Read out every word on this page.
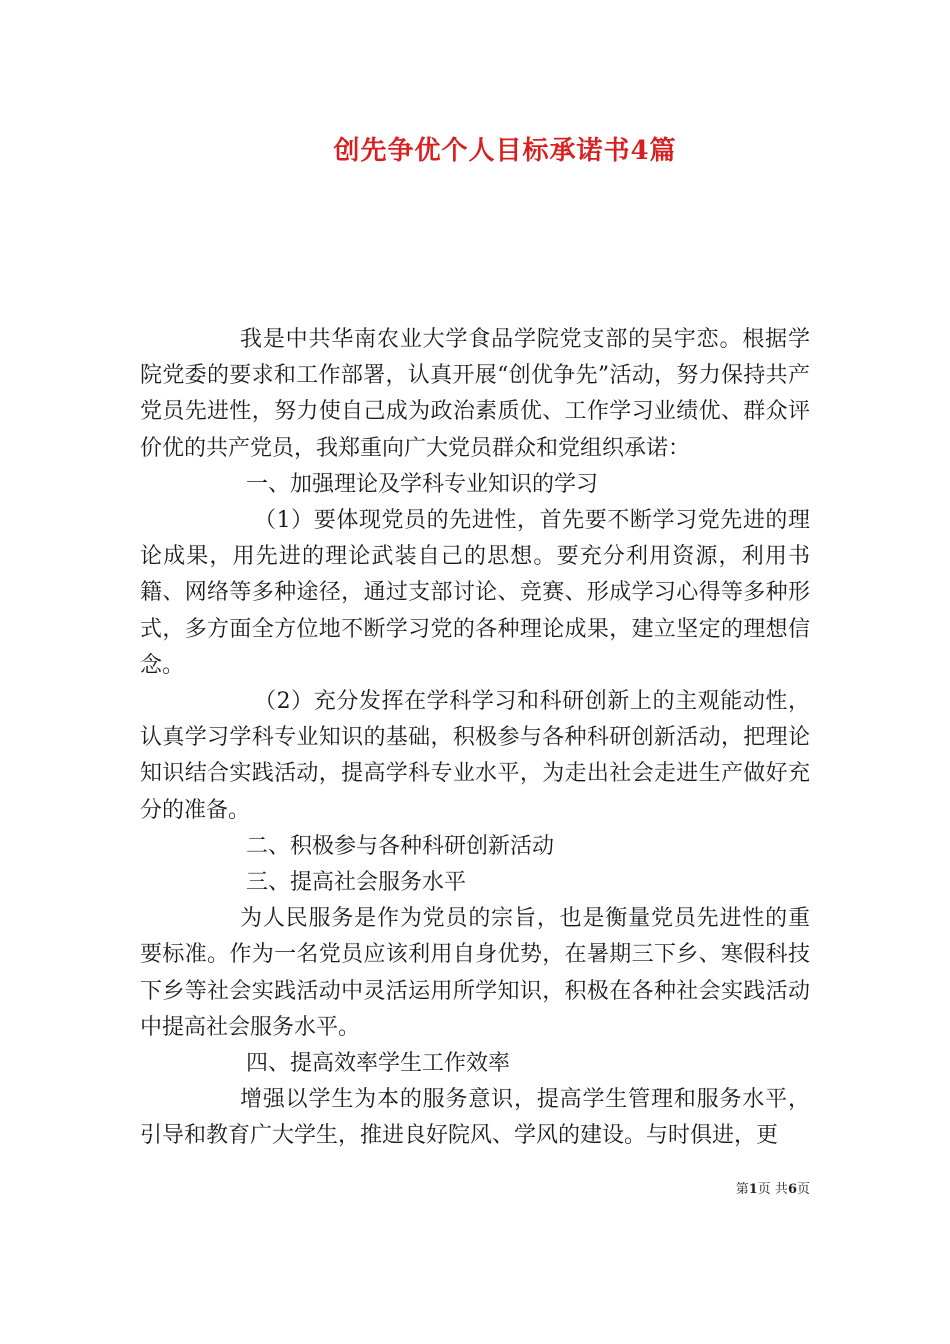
创先争优个人目标承诺书4篇

我是中共华南农业大学食品学院党支部的吴宇恋。根据学院党委的要求和工作部署，认真开展“创优争先”活动，努力保持共产党员先进性，努力使自己成为政治素质优、工作学习业绩优、群众评价优的共产党员，我郑重向广大党员群众和党组织承诺：

一、加强理论及学科专业知识的学习

（1）要体现党员的先进性，首先要不断学习党先进的理论成果，用先进的理论武装自己的思想。要充分利用资源，利用书籍、网络等多种途径，通过支部讨论、竞赛、形成学习心得等多种形式，多方面全方位地不断学习党的各种理论成果，建立坚定的理想信念。

（2）充分发挥在学科学习和科研创新上的主观能动性，认真学习学科专业知识的基础，积极参与各种科研创新活动，把理论知识结合实践活动，提高学科专业水平，为走出社会走进生产做好充分的准备。

二、积极参与各种科研创新活动

三、提高社会服务水平

为人民服务是作为党员的宗旨，也是衡量党员先进性的重要标准。作为一名党员应该利用自身优势，在暑期三下乡、寒假科技下乡等社会实践活动中灵活运用所学知识，积极在各种社会实践活动中提高社会服务水平。

四、提高效率学生工作效率

增强以学生为本的服务意识，提高学生管理和服务水平，引导和教育广大学生，推进良好院风、学风的建设。与时俱进，更

第1页 共6页
